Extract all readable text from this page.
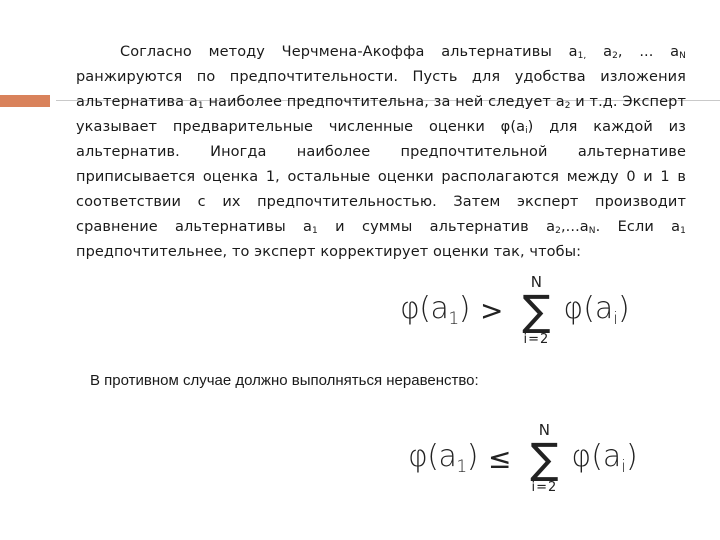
Согласно методу Черчмена-Акоффа альтернативы $a_{1,}$ $a_2$, ... $a_N$ ранжируются по предпочтительности. Пусть для удобства изложения альтернатива $a_1$ наиболее предпочтительна, за ней следует $a_2$ и т.д. Эксперт указывает предварительные численные оценки $\varphi(a_i)$ для каждой из альтернатив. Иногда наиболее предпочтительной альтернативе приписывается оценка 1, остальные оценки располагаются между 0 и 1 в соответствии с их предпочтительностью. Затем эксперт производит сравнение альтернативы $a_1$ и суммы альтернатив $a_2,...a_N$. Если $a_1$ предпочтительнее, то эксперт корректирует оценки так, чтобы:
$\varphi(a_1)$ >
N
∑
i=2
$\varphi(a_i)$
В противном случае должно выполняться неравенство:
$\varphi(a_1)$ ≤
N
∑
i=2
$\varphi(a_i)$
